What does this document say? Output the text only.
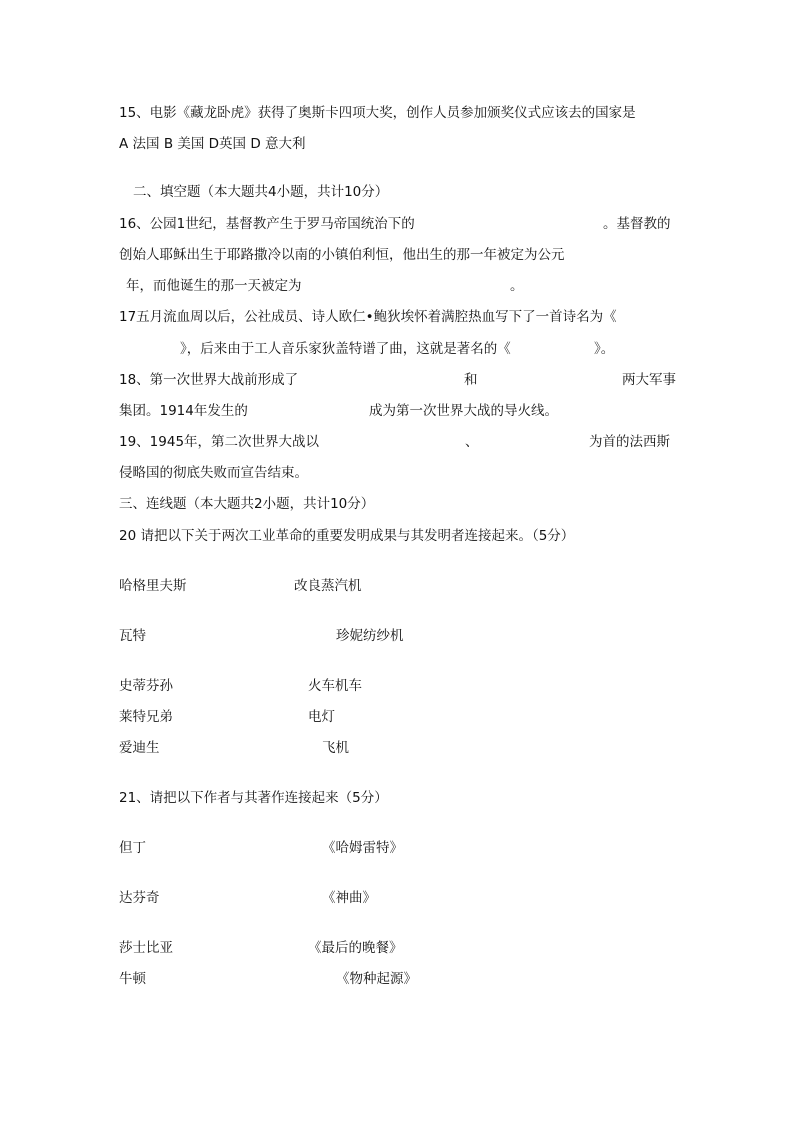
15、电影《藏龙卧虎》获得了奥斯卡四项大奖，创作人员参加颁奖仪式应该去的国家是
A 法国 B 美国 D英国 D 意大利
二、填空题（本大题共4小题，共计10分）
16、公园1世纪，基督教产生于罗马帝国统治下的	。基督教的
创始人耶稣出生于耶路撒冷以南的小镇伯利恒，他出生的那一年被定为公元
年，而他诞生的那一天被定为	。
17五月流血周以后，公社成员、诗人欧仁•鲍狄埃怀着满腔热血写下了一首诗名为《
》，后来由于工人音乐家狄盖特谱了曲，这就是著名的《	》。
18、第一次世界大战前形成了	和	两大军事
集团。1914年发生的	成为第一次世界大战的导火线。
19、1945年，第二次世界大战以	、	为首的法西斯
侵略国的彻底失败而宣告结束。
三、连线题（本大题共2小题，共计10分）
20 请把以下关于两次工业革命的重要发明成果与其发明者连接起来。（5分）
哈格里夫斯	改良蒸汽机
瓦特	珍妮纺纱机
史蒂芬孙	火车机车
莱特兄弟	电灯
爱迪生	飞机
21、请把以下作者与其著作连接起来（5分）
但丁	《哈姆雷特》
达芬奇	《神曲》
莎士比亚	《最后的晚餐》
牛顿	《物种起源》
